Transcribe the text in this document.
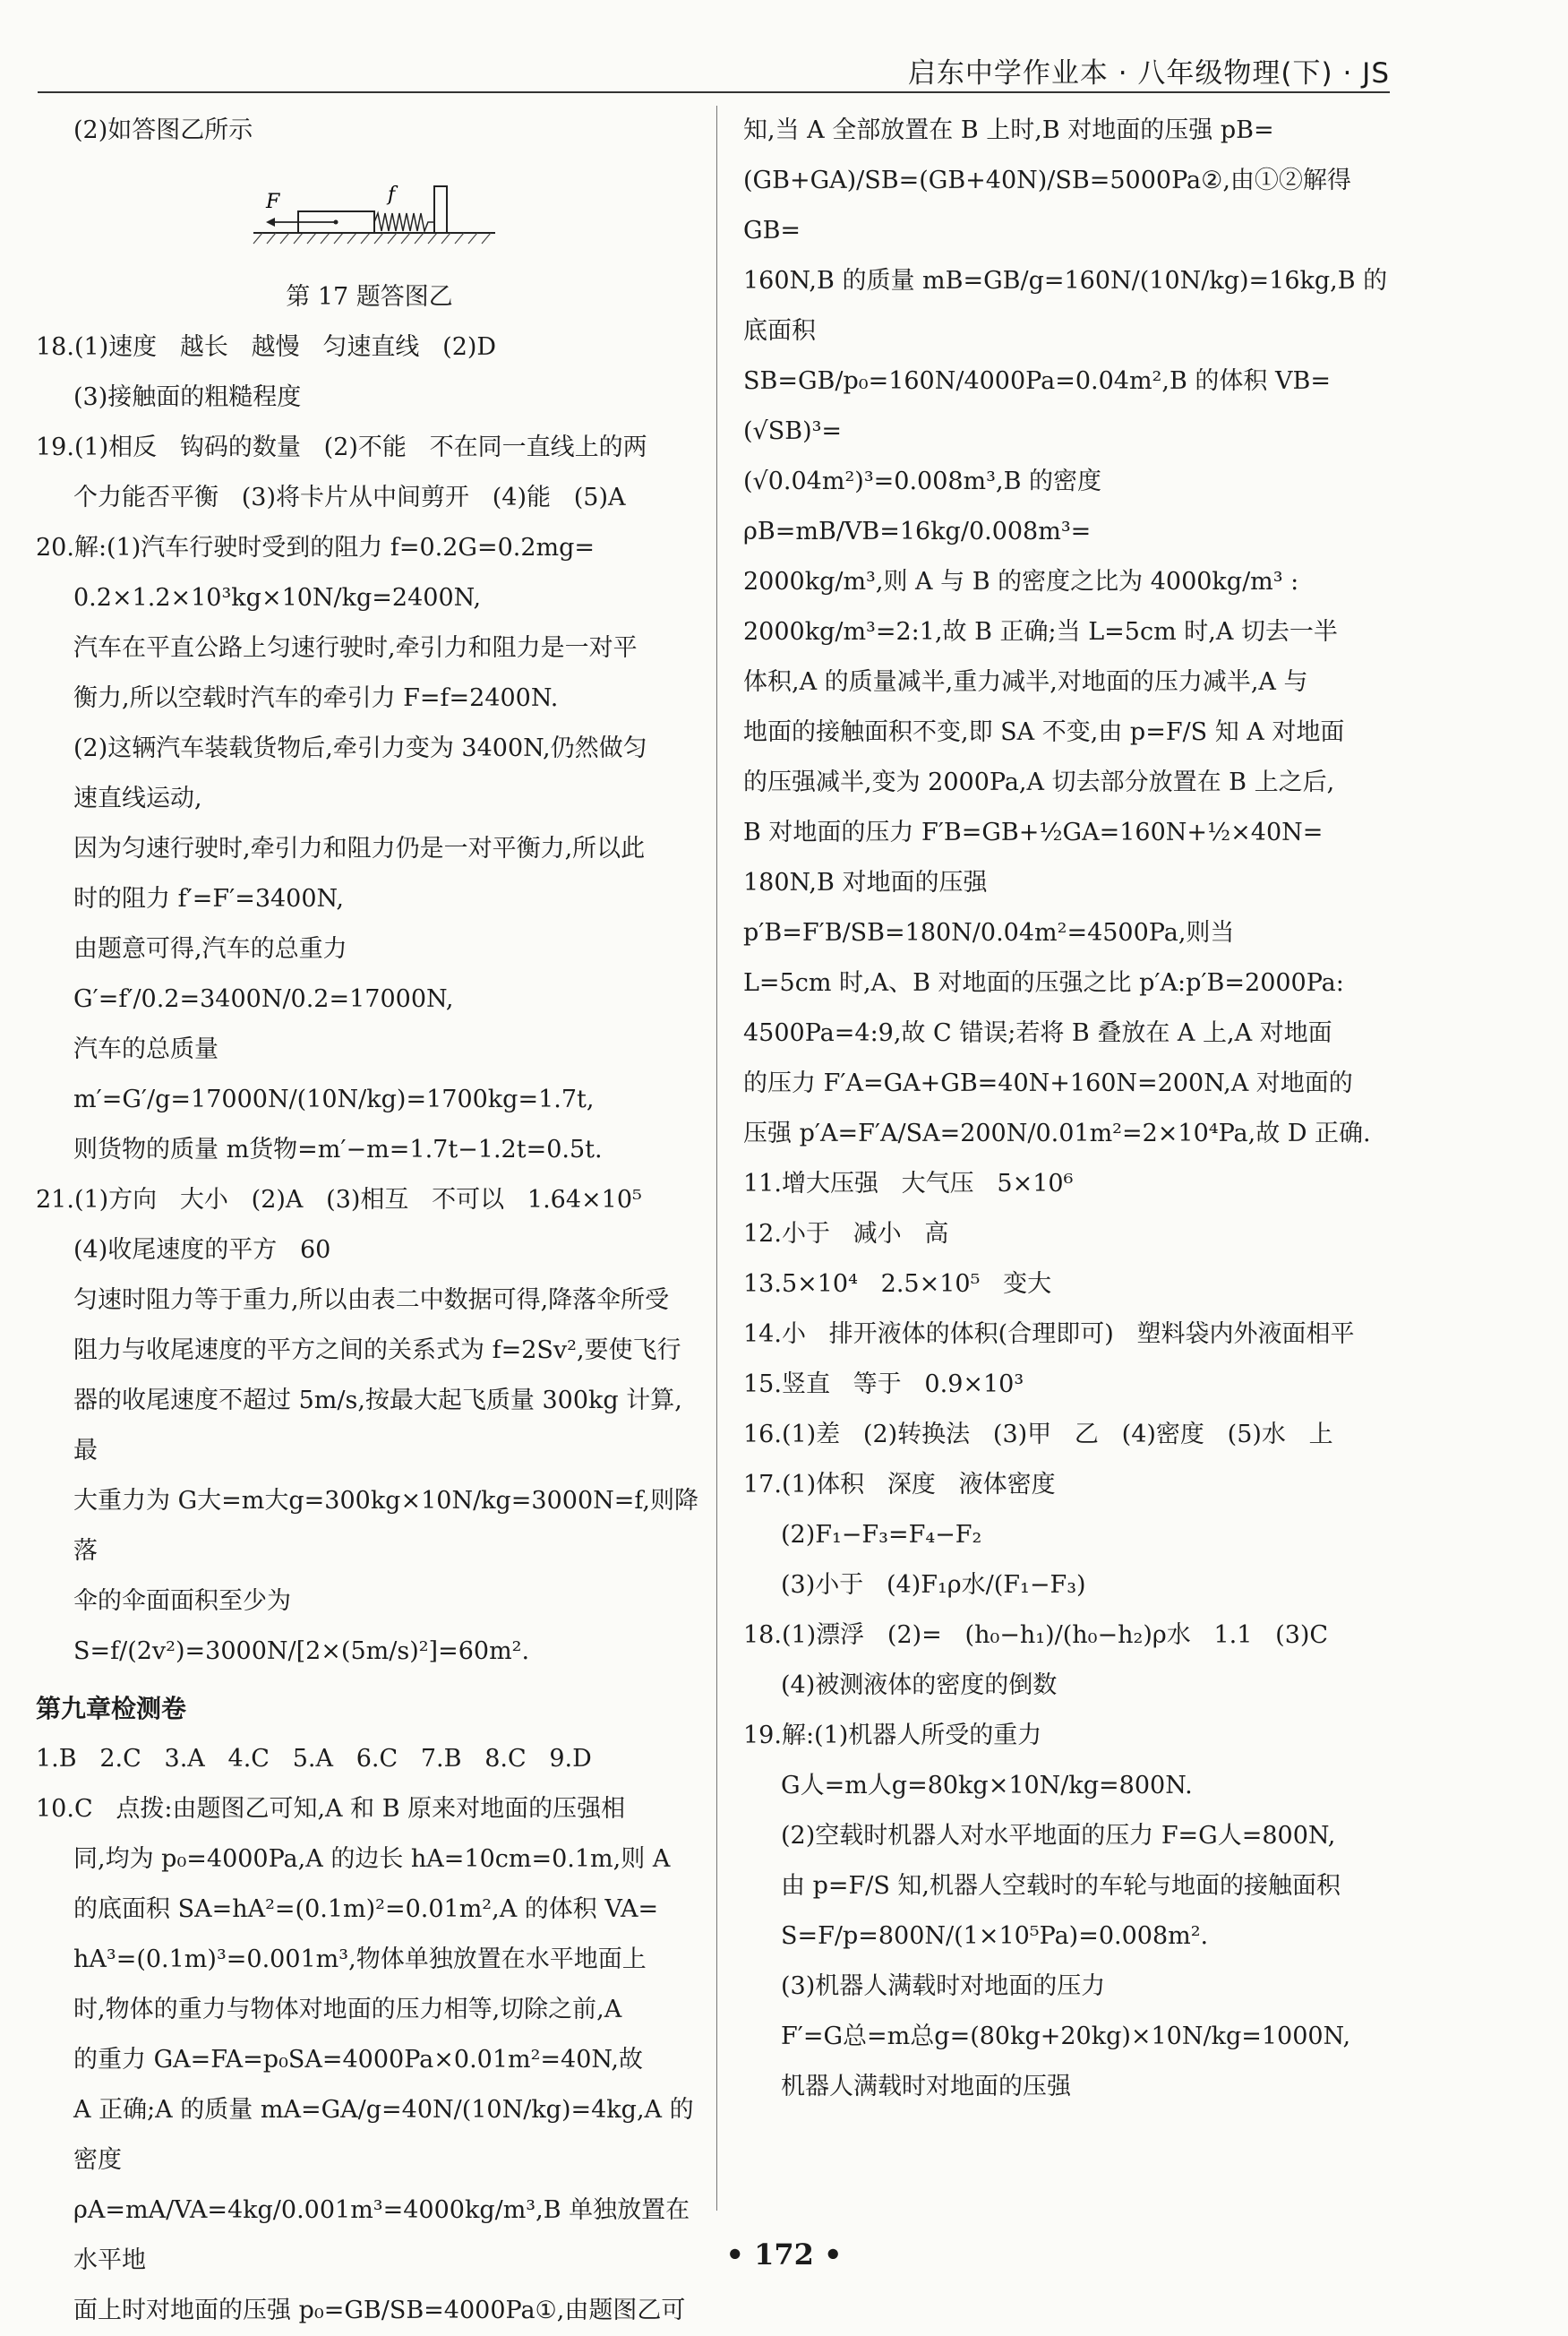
启东中学作业本 · 八年级物理(下) · JS

(2)如答图乙所示

F	f

第 17 题答图乙

18.(1)速度   越长   越慢   匀速直线   (2)D

(3)接触面的粗糙程度

19.(1)相反   钩码的数量   (2)不能   不在同一直线上的两

个力能否平衡   (3)将卡片从中间剪开   (4)能   (5)A

20.解:(1)汽车行驶时受到的阻力 f=0.2G=0.2mg=

0.2×1.2×10³kg×10N/kg=2400N,

汽车在平直公路上匀速行驶时,牵引力和阻力是一对平

衡力,所以空载时汽车的牵引力 F=f=2400N.

(2)这辆汽车装载货物后,牵引力变为 3400N,仍然做匀

速直线运动,

因为匀速行驶时,牵引力和阻力仍是一对平衡力,所以此

时的阻力 f′=F′=3400N,

由题意可得,汽车的总重力 G′=f′/0.2=3400N/0.2=17000N,

汽车的总质量 m′=G′/g=17000N/(10N/kg)=1700kg=1.7t,

则货物的质量 m货物=m′−m=1.7t−1.2t=0.5t.

21.(1)方向   大小   (2)A   (3)相互   不可以   1.64×10⁵

(4)收尾速度的平方   60

匀速时阻力等于重力,所以由表二中数据可得,降落伞所受

阻力与收尾速度的平方之间的关系式为 f=2Sv²,要使飞行

器的收尾速度不超过 5m/s,按最大起飞质量 300kg 计算,最

大重力为 G大=m大g=300kg×10N/kg=3000N=f,则降落

伞的伞面面积至少为 S=f/(2v²)=3000N/[2×(5m/s)²]=60m².

第九章检测卷

1.B   2.C   3.A   4.C   5.A   6.C   7.B   8.C   9.D

10.C   点拨:由题图乙可知,A 和 B 原来对地面的压强相

同,均为 p₀=4000Pa,A 的边长 hA=10cm=0.1m,则 A

的底面积 SA=hA²=(0.1m)²=0.01m²,A 的体积 VA=

hA³=(0.1m)³=0.001m³,物体单独放置在水平地面上

时,物体的重力与物体对地面的压力相等,切除之前,A

的重力 GA=FA=p₀SA=4000Pa×0.01m²=40N,故

A 正确;A 的质量 mA=GA/g=40N/(10N/kg)=4kg,A 的密度

ρA=mA/VA=4kg/0.001m³=4000kg/m³,B 单独放置在水平地

面上时对地面的压强 p₀=GB/SB=4000Pa①,由题图乙可

知,当 A 全部放置在 B 上时,B 对地面的压强 pB=

(GB+GA)/SB=(GB+40N)/SB=5000Pa②,由①②解得 GB=

160N,B 的质量 mB=GB/g=160N/(10N/kg)=16kg,B 的底面积

SB=GB/p₀=160N/4000Pa=0.04m²,B 的体积 VB=(√SB)³=

(√0.04m²)³=0.008m³,B 的密度 ρB=mB/VB=16kg/0.008m³=

2000kg/m³,则 A 与 B 的密度之比为 4000kg/m³ :

2000kg/m³=2:1,故 B 正确;当 L=5cm 时,A 切去一半

体积,A 的质量减半,重力减半,对地面的压力减半,A 与

地面的接触面积不变,即 SA 不变,由 p=F/S 知 A 对地面

的压强减半,变为 2000Pa,A 切去部分放置在 B 上之后,

B 对地面的压力 F′B=GB+½GA=160N+½×40N=

180N,B 对地面的压强 p′B=F′B/SB=180N/0.04m²=4500Pa,则当

L=5cm 时,A、B 对地面的压强之比 p′A:p′B=2000Pa:

4500Pa=4:9,故 C 错误;若将 B 叠放在 A 上,A 对地面

的压力 F′A=GA+GB=40N+160N=200N,A 对地面的

压强 p′A=F′A/SA=200N/0.01m²=2×10⁴Pa,故 D 正确.

11.增大压强   大气压   5×10⁶

12.小于   减小   高

13.5×10⁴   2.5×10⁵   变大

14.小   排开液体的体积(合理即可)   塑料袋内外液面相平

15.竖直   等于   0.9×10³

16.(1)差   (2)转换法   (3)甲   乙   (4)密度   (5)水   上

17.(1)体积   深度   液体密度

(2)F₁−F₃=F₄−F₂

(3)小于   (4)F₁ρ水/(F₁−F₃)

18.(1)漂浮   (2)=   (h₀−h₁)/(h₀−h₂)ρ水   1.1   (3)C

(4)被测液体的密度的倒数

19.解:(1)机器人所受的重力

G人=m人g=80kg×10N/kg=800N.

(2)空载时机器人对水平地面的压力 F=G人=800N,

由 p=F/S 知,机器人空载时的车轮与地面的接触面积

S=F/p=800N/(1×10⁵Pa)=0.008m².

(3)机器人满载时对地面的压力

F′=G总=m总g=(80kg+20kg)×10N/kg=1000N,

机器人满载时对地面的压强

• 172 •
